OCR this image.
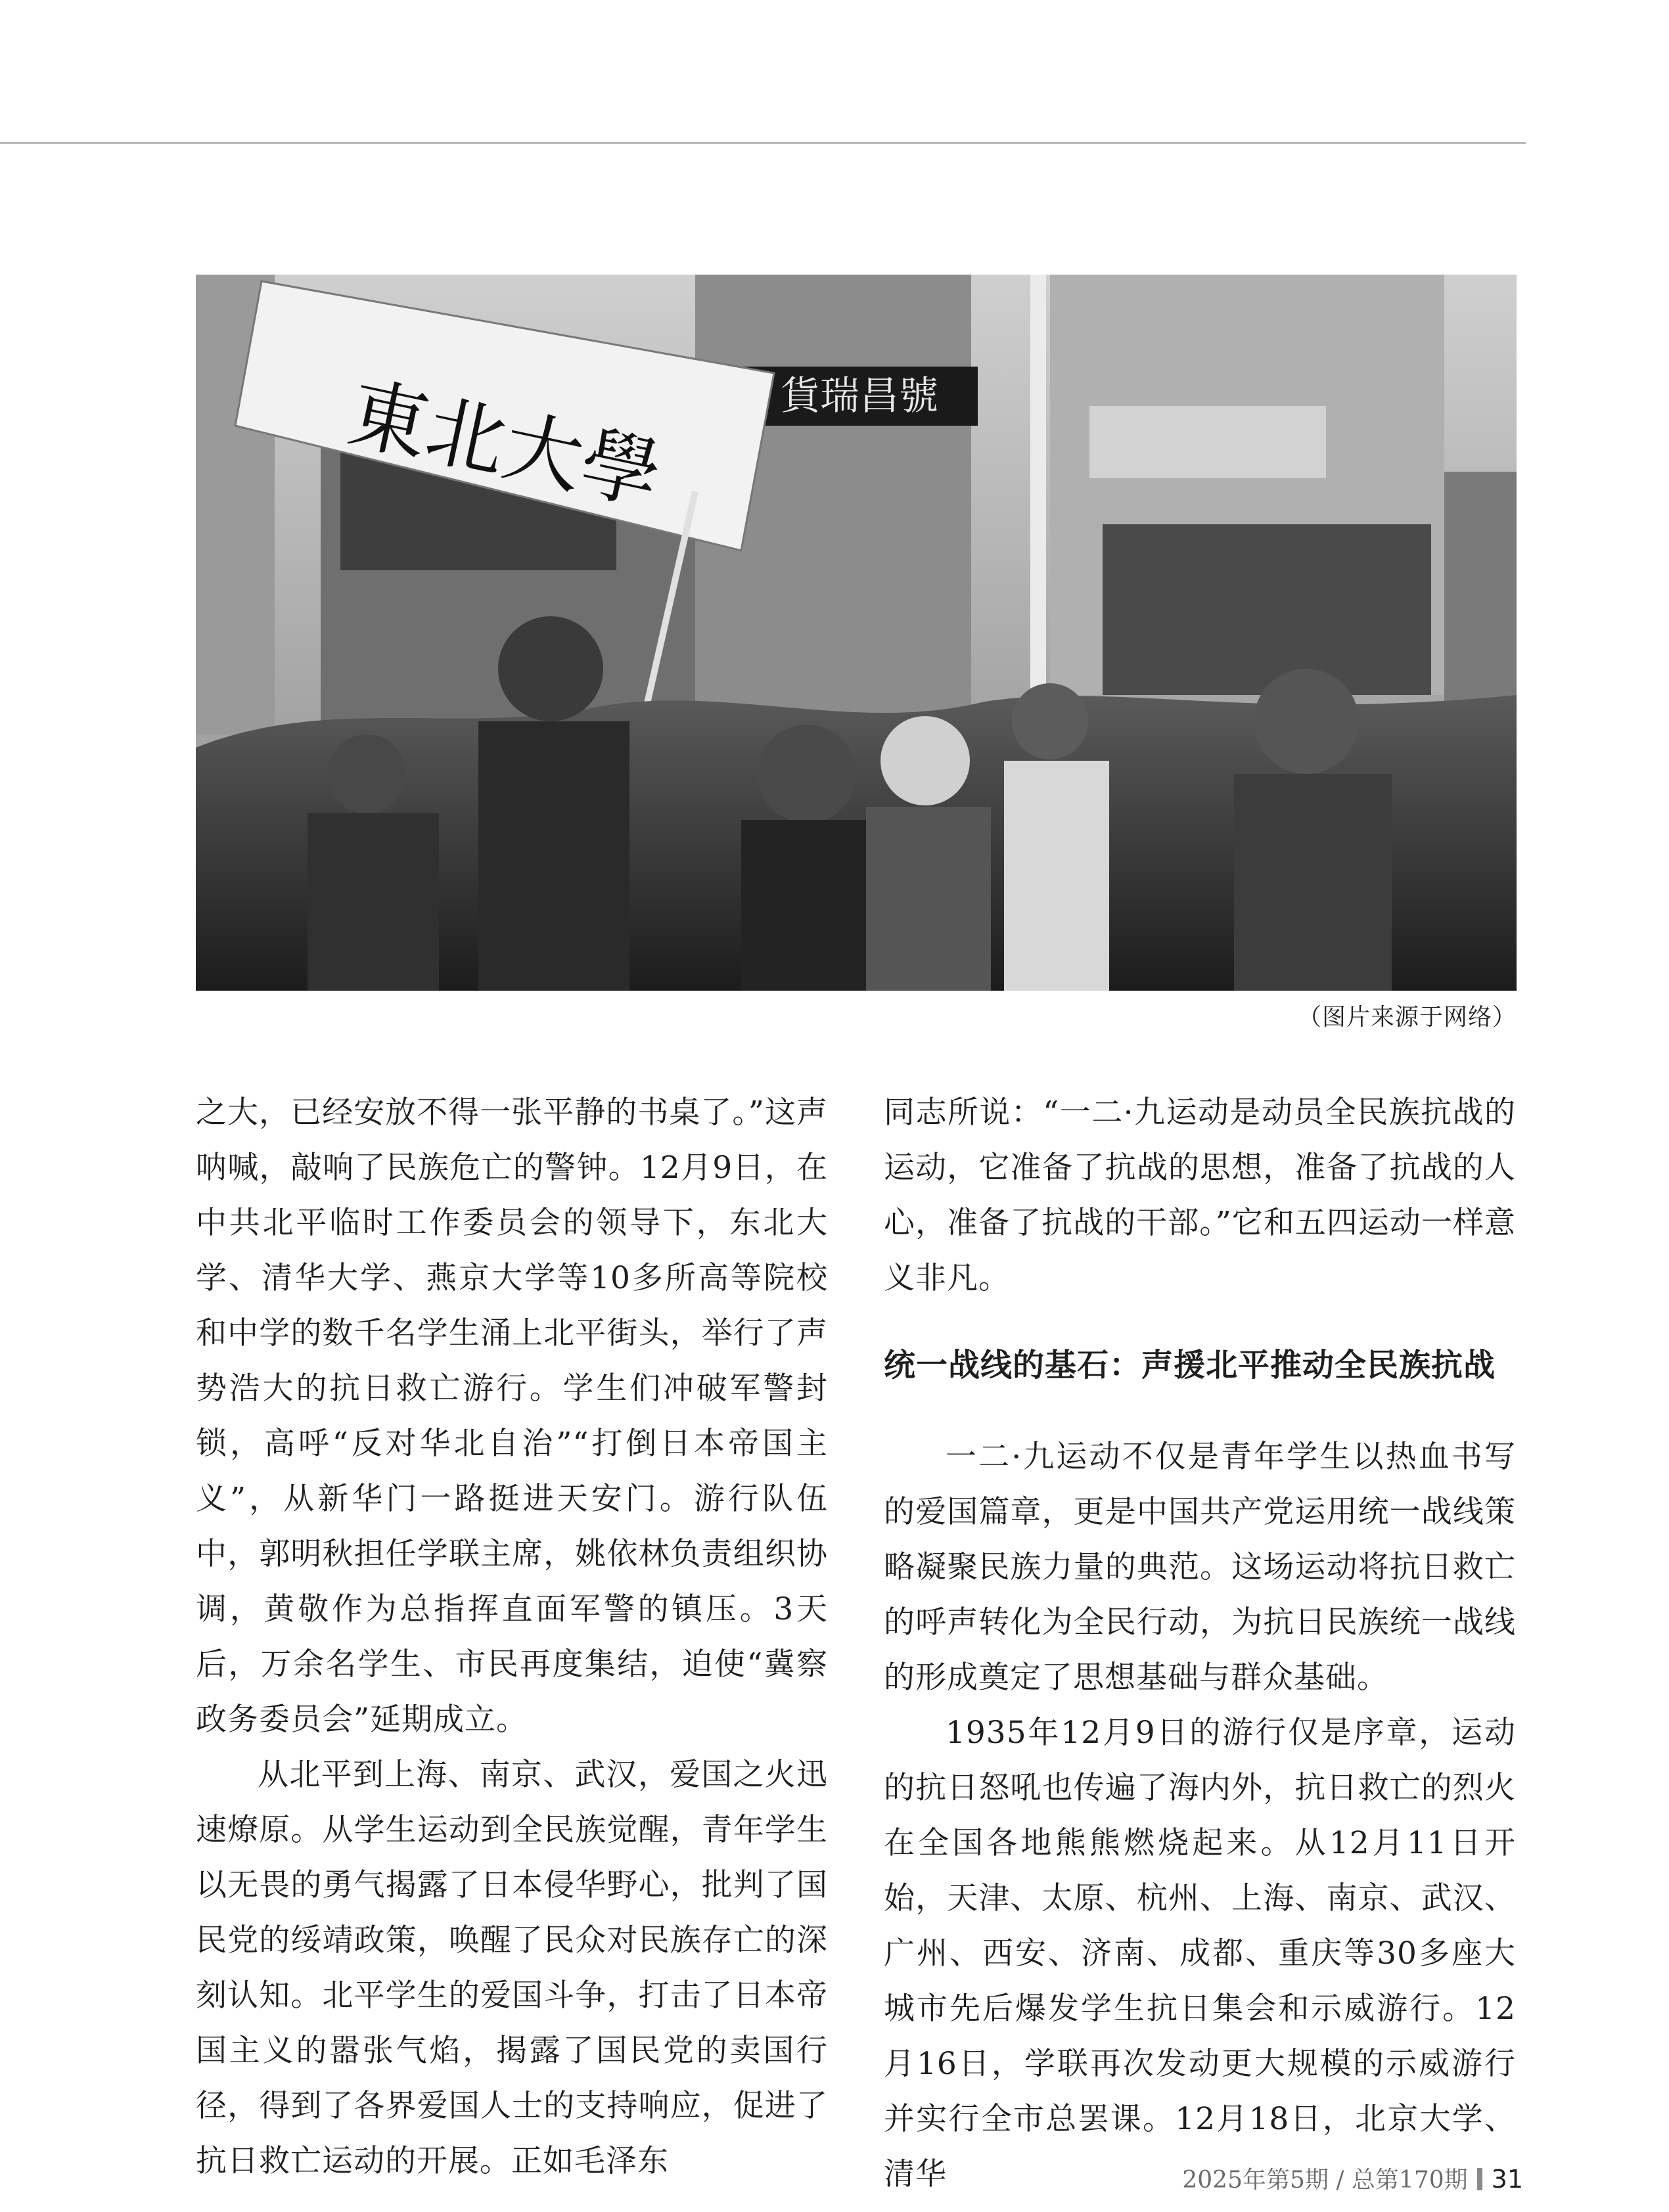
貨瑞昌號
東北大學
（图片来源于网络）

之大，已经安放不得一张平静的书桌了。”这声呐喊，敲响了民族危亡的警钟。12月9日，在中共北平临时工作委员会的领导下，东北大学、清华大学、燕京大学等10多所高等院校和中学的数千名学生涌上北平街头，举行了声势浩大的抗日救亡游行。学生们冲破军警封锁，高呼“反对华北自治”“打倒日本帝国主义”，从新华门一路挺进天安门。游行队伍中，郭明秋担任学联主席，姚依林负责组织协调，黄敬作为总指挥直面军警的镇压。3天后，万余名学生、市民再度集结，迫使“冀察政务委员会”延期成立。

从北平到上海、南京、武汉，爱国之火迅速燎原。从学生运动到全民族觉醒，青年学生以无畏的勇气揭露了日本侵华野心，批判了国民党的绥靖政策，唤醒了民众对民族存亡的深刻认知。北平学生的爱国斗争，打击了日本帝国主义的嚣张气焰，揭露了国民党的卖国行径，得到了各界爱国人士的支持响应，促进了抗日救亡运动的开展。正如毛泽东

同志所说：“一二·九运动是动员全民族抗战的运动，它准备了抗战的思想，准备了抗战的人心，准备了抗战的干部。”它和五四运动一样意义非凡。

统一战线的基石：声援北平推动全民族抗战

一二·九运动不仅是青年学生以热血书写的爱国篇章，更是中国共产党运用统一战线策略凝聚民族力量的典范。这场运动将抗日救亡的呼声转化为全民行动，为抗日民族统一战线的形成奠定了思想基础与群众基础。

1935年12月9日的游行仅是序章，运动的抗日怒吼也传遍了海内外，抗日救亡的烈火在全国各地熊熊燃烧起来。从12月11日开始，天津、太原、杭州、上海、南京、武汉、广州、西安、济南、成都、重庆等30多座大城市先后爆发学生抗日集会和示威游行。12月16日，学联再次发动更大规模的示威游行并实行全市总罢课。12月18日，北京大学、清华	2025年第5期 / 总第170期 31
